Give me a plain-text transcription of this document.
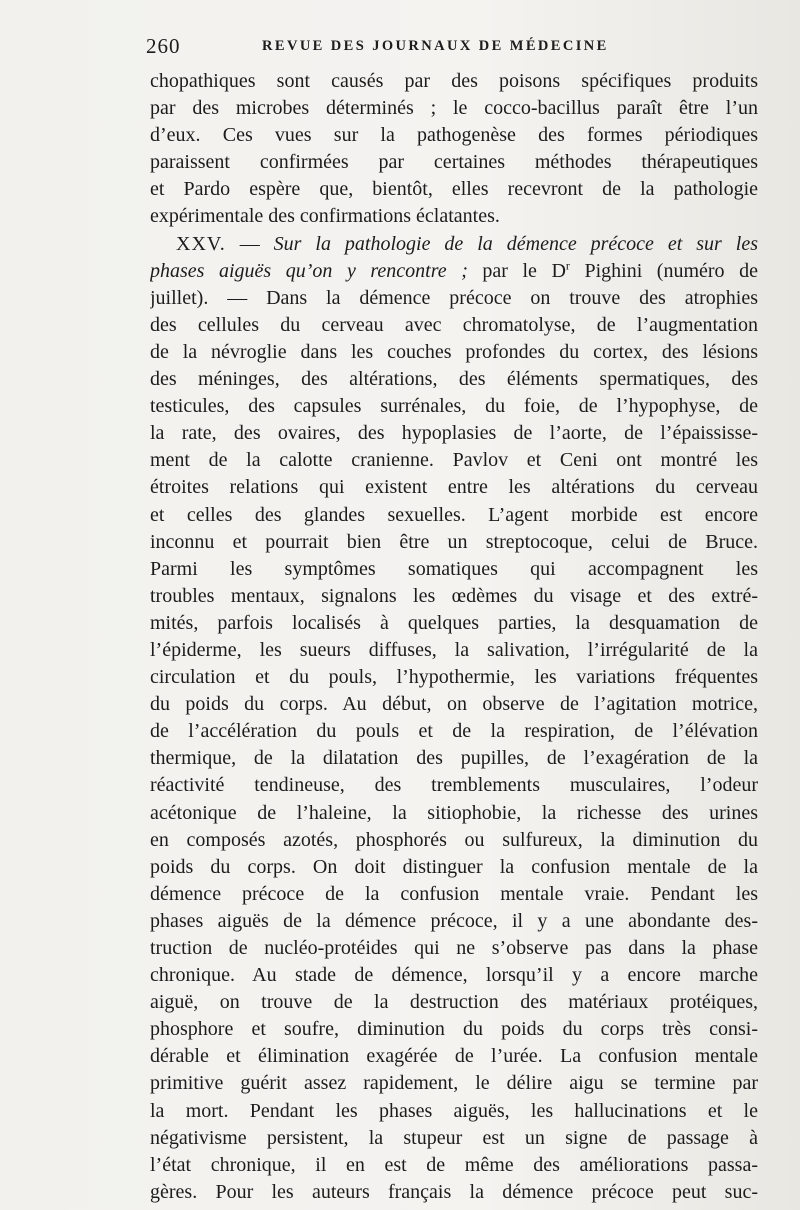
260	REVUE DES JOURNAUX DE MÉDECINE
chopathiques sont causés par des poisons spécifiques produits
par des microbes déterminés ; le cocco-bacillus paraît être l’un
d’eux. Ces vues sur la pathogenèse des formes périodiques
paraissent confirmées par certaines méthodes thérapeutiques
et Pardo espère que, bientôt, elles recevront de la pathologie
expérimentale des confirmations éclatantes.
XXV. — Sur la pathologie de la démence précoce et sur les
phases aiguës qu’on y rencontre ; par le $D^r$ Pighini (numéro de
juillet). — Dans la démence précoce on trouve des atrophies
des cellules du cerveau avec chromatolyse, de l’augmentation
de la névroglie dans les couches profondes du cortex, des lésions
des méninges, des altérations, des éléments spermatiques, des
testicules, des capsules surrénales, du foie, de l’hypophyse, de
la rate, des ovaires, des hypoplasies de l’aorte, de l’épaississe-
ment de la calotte cranienne. Pavlov et Ceni ont montré les
étroites relations qui existent entre les altérations du cerveau
et celles des glandes sexuelles. L’agent morbide est encore
inconnu et pourrait bien être un streptocoque, celui de Bruce.
Parmi les symptômes somatiques qui accompagnent les
troubles mentaux, signalons les œdèmes du visage et des extré-
mités, parfois localisés à quelques parties, la desquamation de
l’épiderme, les sueurs diffuses, la salivation, l’irrégularité de la
circulation et du pouls, l’hypothermie, les variations fréquentes
du poids du corps. Au début, on observe de l’agitation motrice,
de l’accélération du pouls et de la respiration, de l’élévation
thermique, de la dilatation des pupilles, de l’exagération de la
réactivité tendineuse, des tremblements musculaires, l’odeur
acétonique de l’haleine, la sitiophobie, la richesse des urines
en composés azotés, phosphorés ou sulfureux, la diminution du
poids du corps. On doit distinguer la confusion mentale de la
démence précoce de la confusion mentale vraie. Pendant les
phases aiguës de la démence précoce, il y a une abondante des-
truction de nucléo-protéides qui ne s’observe pas dans la phase
chronique. Au stade de démence, lorsqu’il y a encore marche
aiguë, on trouve de la destruction des matériaux protéiques,
phosphore et soufre, diminution du poids du corps très consi-
dérable et élimination exagérée de l’urée. La confusion mentale
primitive guérit assez rapidement, le délire aigu se termine par
la mort. Pendant les phases aiguës, les hallucinations et le
négativisme persistent, la stupeur est un signe de passage à
l’état chronique, il en est de même des améliorations passa-
gères. Pour les auteurs français la démence précoce peut suc-
